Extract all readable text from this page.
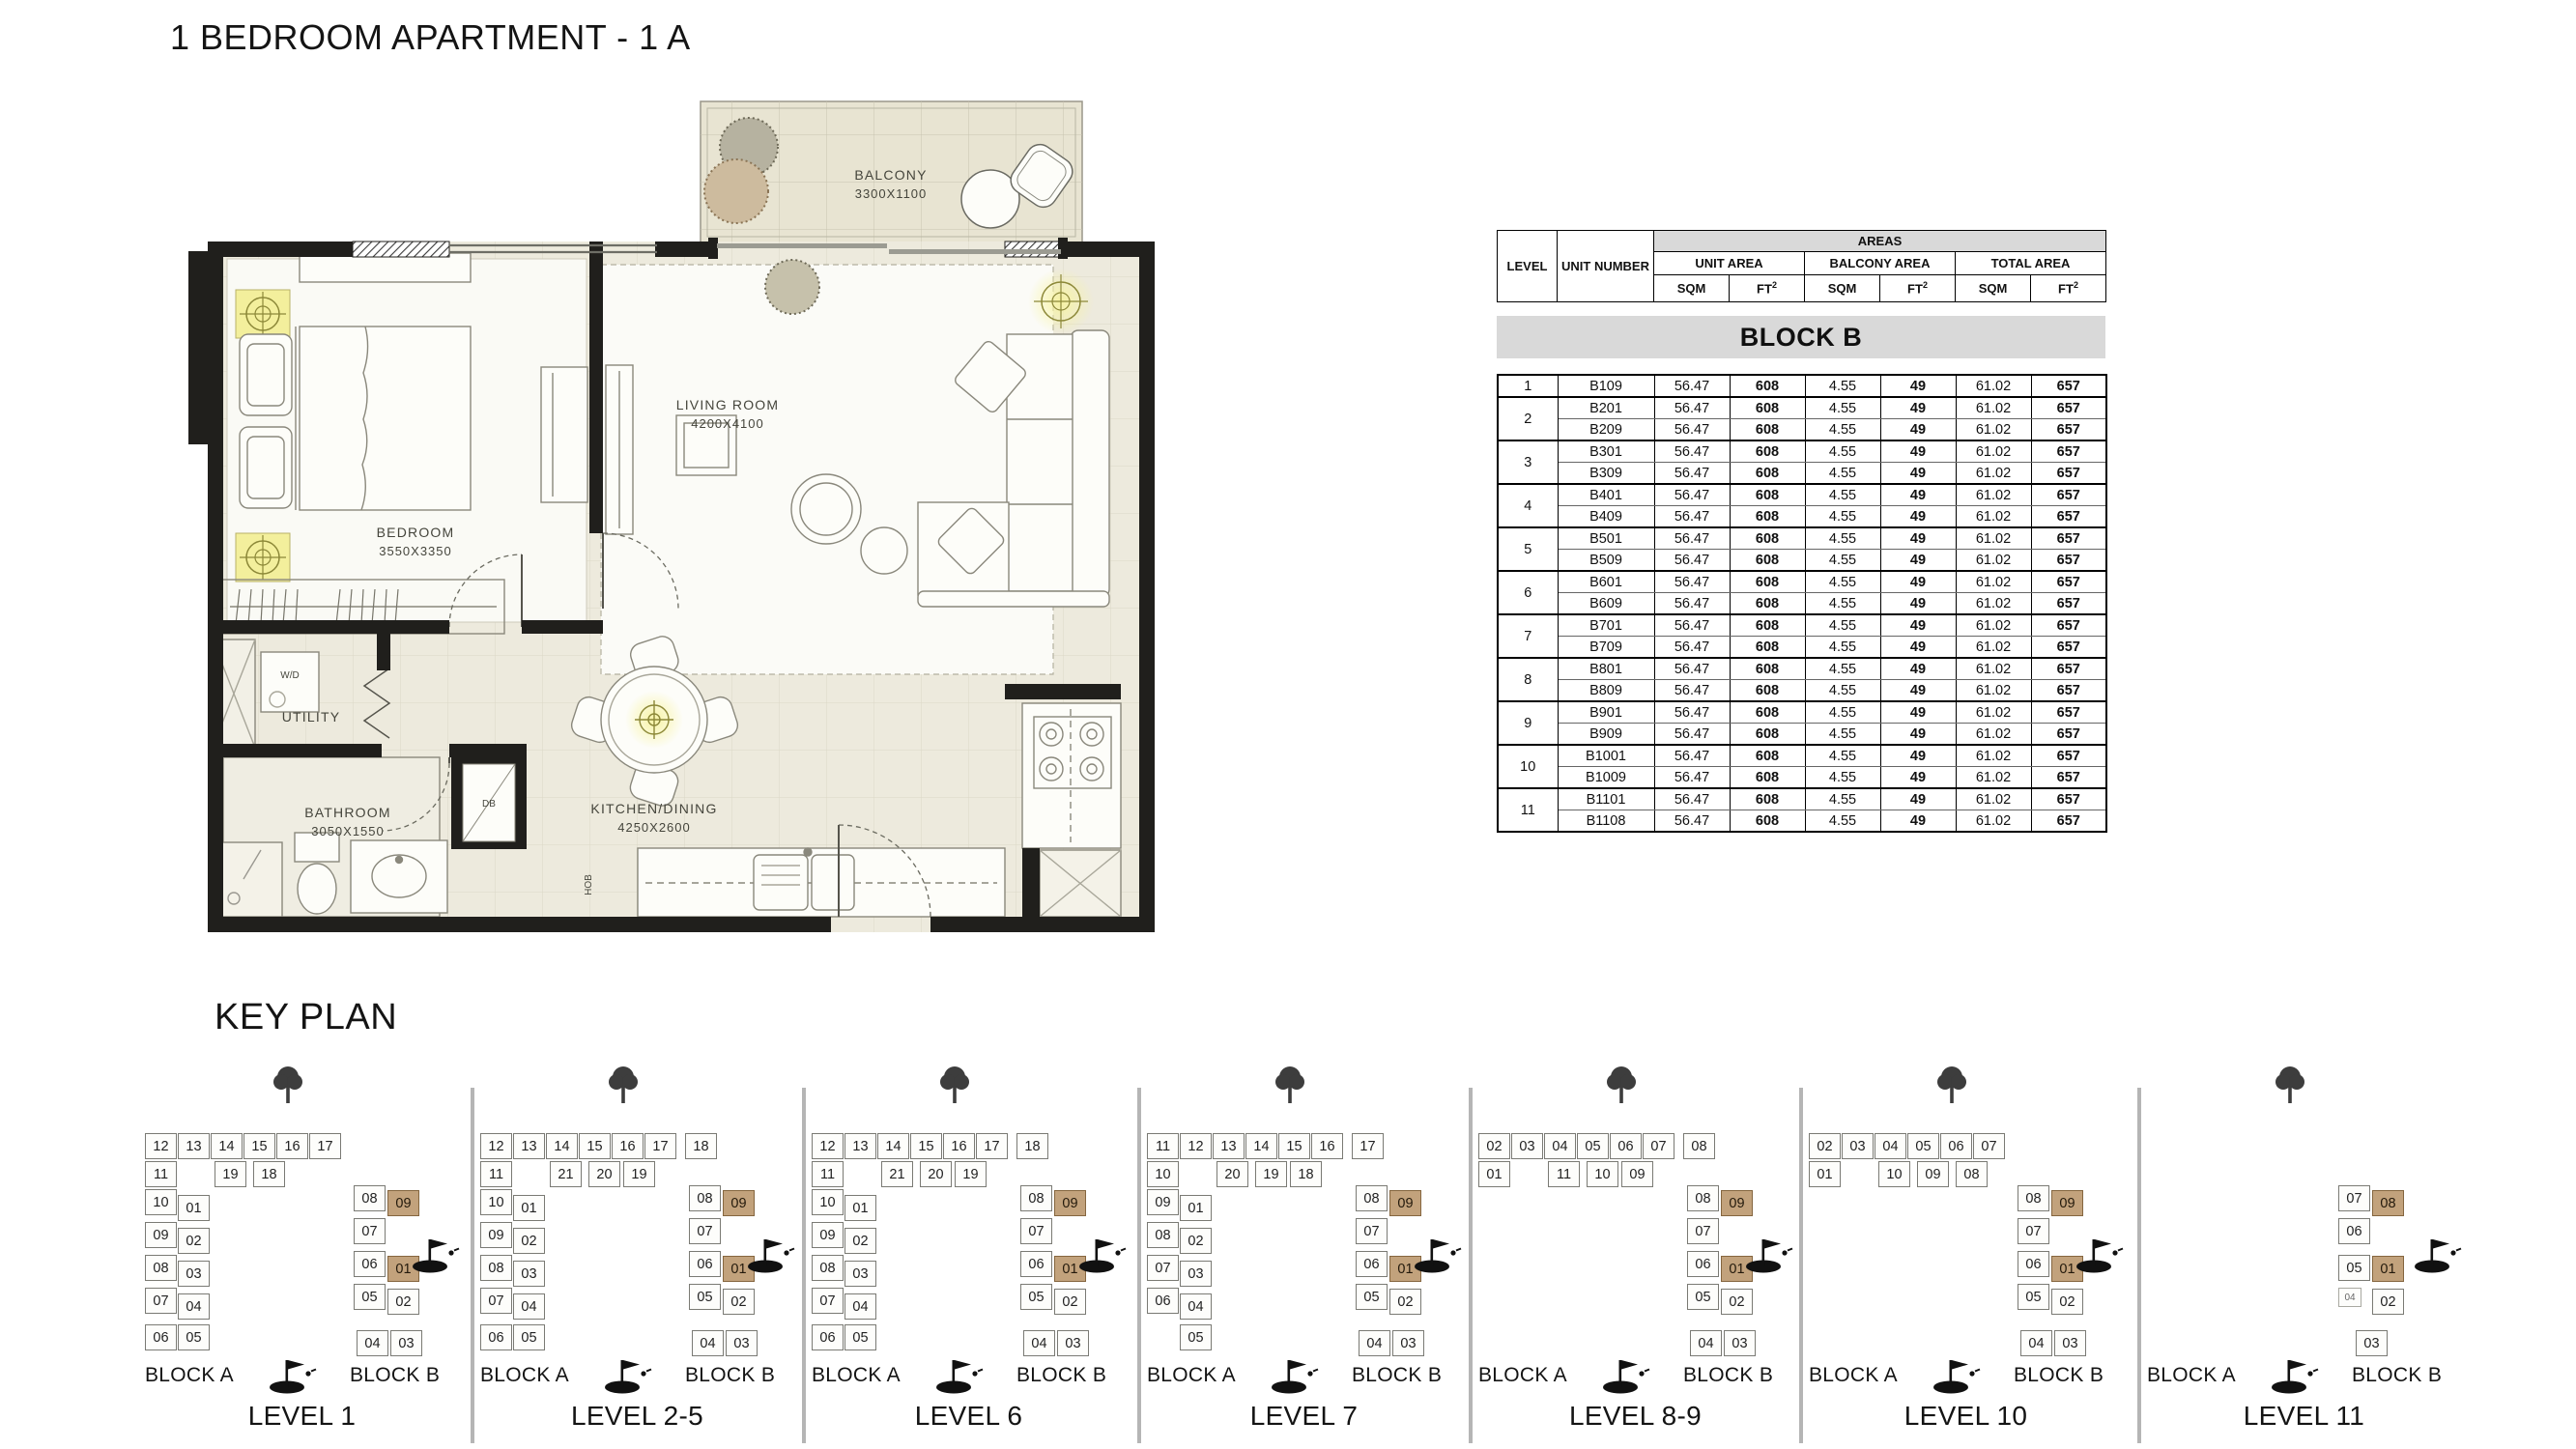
1 BEDROOM APARTMENT - 1 A
BALCONY
3300X1100
BEDROOM
3550X3350
LIVING ROOM
4200X4100
W/D
UTILITY
BATHROOM
3050X1550
DB	KITCHEN/DINING
4250X2600
HOB
LEVEL	UNIT NUMBER	AREAS					
		UNIT AREA		BALCONY AREA		TOTAL AREA	
		SQM	$FT^2$	SQM	$FT^2$	SQM	$FT^2$
BLOCK B
1	B109	56.47	608	4.55	49	61.02	657
2	B201	56.47	608	4.55	49	61.02	657
	B209	56.47	608	4.55	49	61.02	657
3	B301	56.47	608	4.55	49	61.02	657
	B309	56.47	608	4.55	49	61.02	657
4	B401	56.47	608	4.55	49	61.02	657
	B409	56.47	608	4.55	49	61.02	657
5	B501	56.47	608	4.55	49	61.02	657
	B509	56.47	608	4.55	49	61.02	657
6	B601	56.47	608	4.55	49	61.02	657
	B609	56.47	608	4.55	49	61.02	657
7	B701	56.47	608	4.55	49	61.02	657
	B709	56.47	608	4.55	49	61.02	657
8	B801	56.47	608	4.55	49	61.02	657
	B809	56.47	608	4.55	49	61.02	657
9	B901	56.47	608	4.55	49	61.02	657
	B909	56.47	608	4.55	49	61.02	657
10	B1001	56.47	608	4.55	49	61.02	657
	B1009	56.47	608	4.55	49	61.02	657
11	B1101	56.47	608	4.55	49	61.02	657
	B1108	56.47	608	4.55	49	61.02	657
KEY PLAN
12	13	14	15	16	17
11	19	18
10
09
08
07
01
02
03
04
06	05
08
07
06
05
09
01
02
04	03
BLOCK A	BLOCK B
LEVEL 1
12	13	14	15	16	17	18
11	21	20	19
10
09
08
07
01
02
03
04
06	05
08
07
06
05
09
01
02
04	03
BLOCK A	BLOCK B
LEVEL 2-5
12	13	14	15	16	17	18
11	21	20	19
10
09
08
07
01
02
03
04
06	05
08
07
06
05
09
01
02
04	03
BLOCK A	BLOCK B
LEVEL 6
11	12	13	14	15	16	17
10	20	19	18
09
08
07
06
01
02
03
04
05
08
07
06
05
09
01
02
04	03
BLOCK A	BLOCK B
LEVEL 7
02	03	04	05	06	07	08
01	11	10	09
08
07
06
05
09
01
02
04	03
BLOCK A	BLOCK B
LEVEL 8-9
02	03	04	05	06	07
01	10	09	08
08
07
06
05
09
01
02
04	03
BLOCK A	BLOCK B
LEVEL 10
07
06
05
04
08
01
02
03
BLOCK A	BLOCK B
LEVEL 11
